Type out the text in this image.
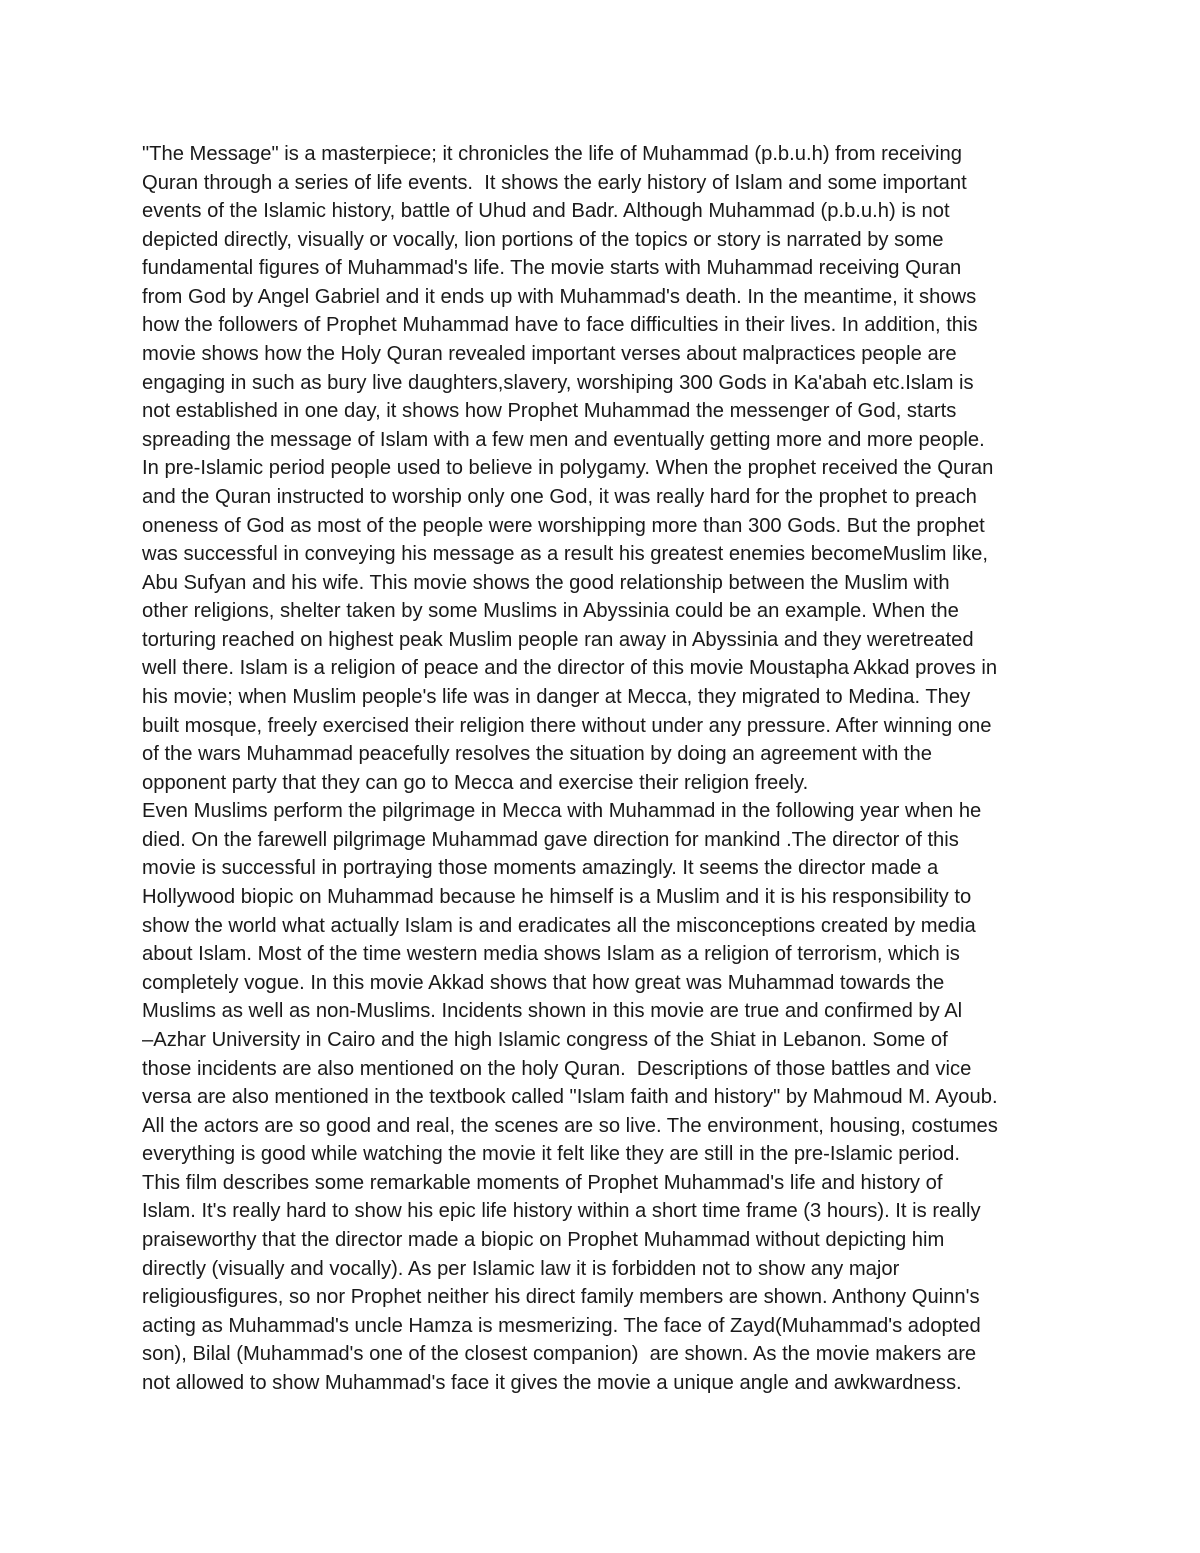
"The Message" is a masterpiece; it chronicles the life of Muhammad (p.b.u.h) from receiving
Quran through a series of life events.  It shows the early history of Islam and some important
events of the Islamic history, battle of Uhud and Badr. Although Muhammad (p.b.u.h) is not
depicted directly, visually or vocally, lion portions of the topics or story is narrated by some
fundamental figures of Muhammad's life. The movie starts with Muhammad receiving Quran
from God by Angel Gabriel and it ends up with Muhammad's death. In the meantime, it shows
how the followers of Prophet Muhammad have to face difficulties in their lives. In addition, this
movie shows how the Holy Quran revealed important verses about malpractices people are
engaging in such as bury live daughters,slavery, worshiping 300 Gods in Ka'abah etc.Islam is
not established in one day, it shows how Prophet Muhammad the messenger of God, starts
spreading the message of Islam with a few men and eventually getting more and more people.
In pre-Islamic period people used to believe in polygamy. When the prophet received the Quran
and the Quran instructed to worship only one God, it was really hard for the prophet to preach
oneness of God as most of the people were worshipping more than 300 Gods. But the prophet
was successful in conveying his message as a result his greatest enemies becomeMuslim like,
Abu Sufyan and his wife. This movie shows the good relationship between the Muslim with
other religions, shelter taken by some Muslims in Abyssinia could be an example. When the
torturing reached on highest peak Muslim people ran away in Abyssinia and they weretreated
well there. Islam is a religion of peace and the director of this movie Moustapha Akkad proves in
his movie; when Muslim people's life was in danger at Mecca, they migrated to Medina. They
built mosque, freely exercised their religion there without under any pressure. After winning one
of the wars Muhammad peacefully resolves the situation by doing an agreement with the
opponent party that they can go to Mecca and exercise their religion freely.
Even Muslims perform the pilgrimage in Mecca with Muhammad in the following year when he
died. On the farewell pilgrimage Muhammad gave direction for mankind .The director of this
movie is successful in portraying those moments amazingly. It seems the director made a
Hollywood biopic on Muhammad because he himself is a Muslim and it is his responsibility to
show the world what actually Islam is and eradicates all the misconceptions created by media
about Islam. Most of the time western media shows Islam as a religion of terrorism, which is
completely vogue. In this movie Akkad shows that how great was Muhammad towards the
Muslims as well as non-Muslims. Incidents shown in this movie are true and confirmed by Al
–Azhar University in Cairo and the high Islamic congress of the Shiat in Lebanon. Some of
those incidents are also mentioned on the holy Quran.  Descriptions of those battles and vice
versa are also mentioned in the textbook called "Islam faith and history" by Mahmoud M. Ayoub.
All the actors are so good and real, the scenes are so live. The environment, housing, costumes
everything is good while watching the movie it felt like they are still in the pre-Islamic period.
This film describes some remarkable moments of Prophet Muhammad's life and history of
Islam. It's really hard to show his epic life history within a short time frame (3 hours). It is really
praiseworthy that the director made a biopic on Prophet Muhammad without depicting him
directly (visually and vocally). As per Islamic law it is forbidden not to show any major
religiousfigures, so nor Prophet neither his direct family members are shown. Anthony Quinn's
acting as Muhammad's uncle Hamza is mesmerizing. The face of Zayd(Muhammad's adopted
son), Bilal (Muhammad's one of the closest companion)  are shown. As the movie makers are
not allowed to show Muhammad's face it gives the movie a unique angle and awkwardness.
